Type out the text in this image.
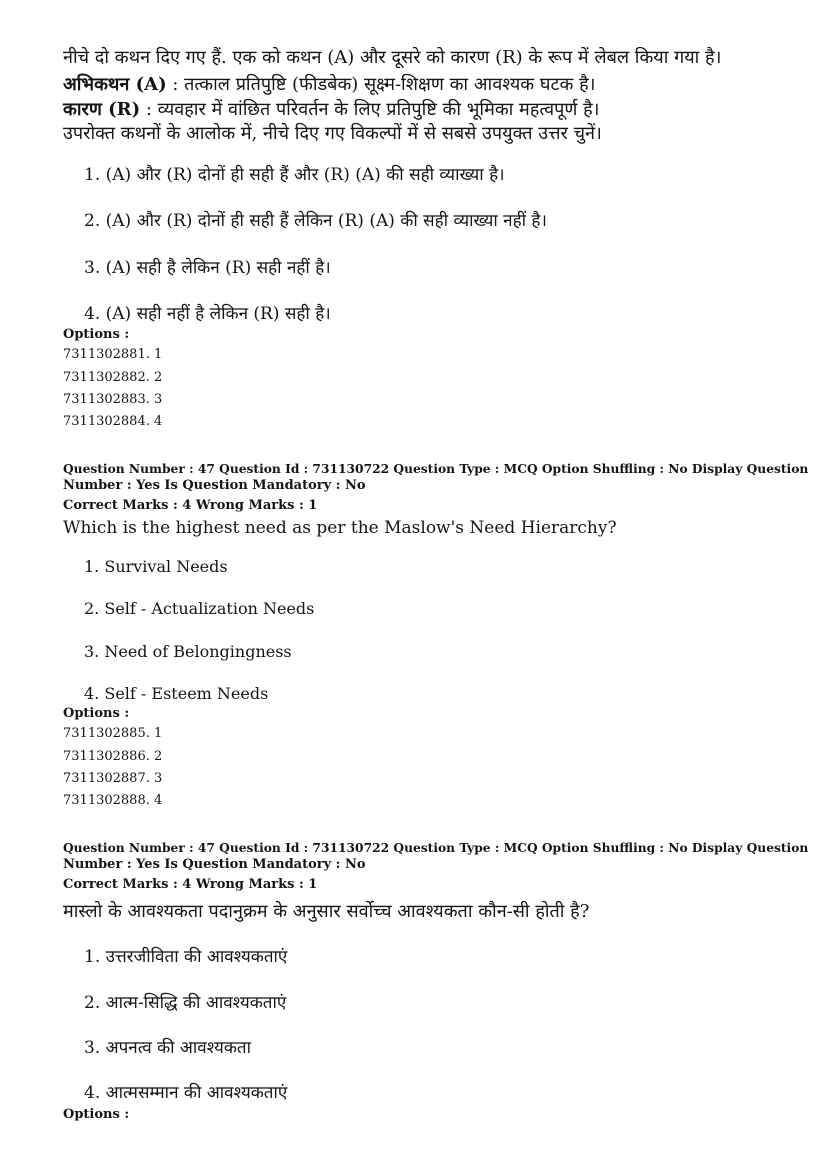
नीचे दो कथन दिए गए हैं. एक को कथन (A) और दूसरे को कारण (R) के रूप में लेबल किया गया है।
अभिकथन (A) : तत्काल प्रतिपुष्टि (फीडबेक) सूक्ष्म-शिक्षण का आवश्यक घटक है।
कारण (R) : व्यवहार में वांछित परिवर्तन के लिए प्रतिपुष्टि की भूमिका महत्वपूर्ण है।
उपरोक्त कथनों के आलोक में, नीचे दिए गए विकल्पों में से सबसे उपयुक्त उत्तर चुनें।
1. (A) और (R) दोनों ही सही हैं और (R) (A) की सही व्याख्या है।
2. (A) और (R) दोनों ही सही हैं लेकिन (R) (A) की सही व्याख्या नहीं है।
3. (A) सही है लेकिन (R) सही नहीं है।
4. (A) सही नहीं है लेकिन (R) सही है।
Options :
7311302881. 1
7311302882. 2
7311302883. 3
7311302884. 4
Question Number : 47 Question Id : 731130722 Question Type : MCQ Option Shuffling : No Display Question
Number : Yes Is Question Mandatory : No
Correct Marks : 4 Wrong Marks : 1
Which is the highest need as per the Maslow's Need Hierarchy?
1. Survival Needs
2. Self - Actualization Needs
3. Need of Belongingness
4. Self - Esteem Needs
Options :
7311302885. 1
7311302886. 2
7311302887. 3
7311302888. 4
Question Number : 47 Question Id : 731130722 Question Type : MCQ Option Shuffling : No Display Question
Number : Yes Is Question Mandatory : No
Correct Marks : 4 Wrong Marks : 1
मास्लो के आवश्यकता पदानुक्रम के अनुसार सर्वोच्च आवश्यकता कौन-सी होती है?
1. उत्तरजीविता की आवश्यकताएं
2. आत्म-सिद्धि की आवश्यकताएं
3. अपनत्व की आवश्यकता
4. आत्मसम्मान की आवश्यकताएं
Options :
